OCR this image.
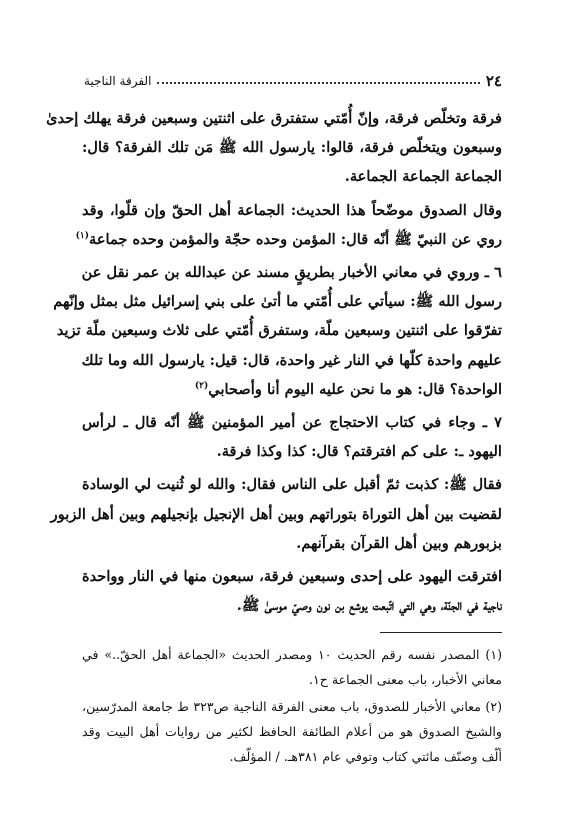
٢٤
الفرقة الناجية

فرقة وتخلّص فرقة، وإنّ أُمّتي ستفترق على اثنتين وسبعين فرقة يهلك إحدىٰ
وسبعون ويتخلّص فرقة، قالوا: يارسول الله ﷺ مَن تلك الفرقة؟ قال:
الجماعة الجماعة الجماعة.

وقال الصدوق موضّحاً هذا الحديث: الجماعة أهل الحقّ وإن قلّوا، وقد
روي عن النبيّ ﷺ أنّه قال: المؤمن وحده حجّة والمؤمن وحده جماعة$^{(١)}$

٦ ـ وروي في معاني الأخبار بطريقٍ مسند عن عبدالله بن عمر نقل عن
رسول الله ﷺ: سيأتي على أُمّتي ما أتىٰ على بني إسرائيل مثل بمثل وإنّهم
تفرّقوا على اثنتين وسبعين ملّة، وستفرق أُمّتي على ثلاث وسبعين ملّة تزيد
عليهم واحدة كلّها في النار غير واحدة، قال: قيل: يارسول الله وما تلك
الواحدة؟ قال: هو ما نحن عليه اليوم أنا وأصحابي$^{(٢)}$

٧ ـ وجاء في كتاب الاحتجاج عن أمير المؤمنين ﷺ أنّه قال ـ لرأس
اليهود ـ: على كم افترقتم؟ قال: كذا وكذا فرقة.

فقال ﷺ: كذبت ثمّ أقبل على الناس فقال: والله لو ثُنيت لي الوسادة
لقضيت بين أهل التوراة بتوراتهم وبين أهل الإنجيل بإنجيلهم وبين أهل الزبور
بزبورهم وبين أهل القرآن بقرآنهم.

افترقت اليهود على إحدى وسبعين فرقة، سبعون منها في النار وواحدة
ناجية في الجنّة، وهي التي اتّبعت يوشع بن نون وصيّ موسىٰ ﷺ.

(١) المصدر نفسه رقم الحديث ١٠ ومصدر الحديث «الجماعة أهل الحقّ..» في
معاني الأخبار، باب معنى الجماعة ح١.
(٢) معاني الأخبار للصدوق، باب معنى الفرقة الناجية ص٣٢٣ ط جامعة المدرّسين،
والشيخ الصدوق هو من أعلام الطائفة الحافظ لكثير من روايات أهل البيت وقد
ألّف وصنّف مائتي كتاب وتوفي عام ٣٨١هـ. / المؤلّف.
